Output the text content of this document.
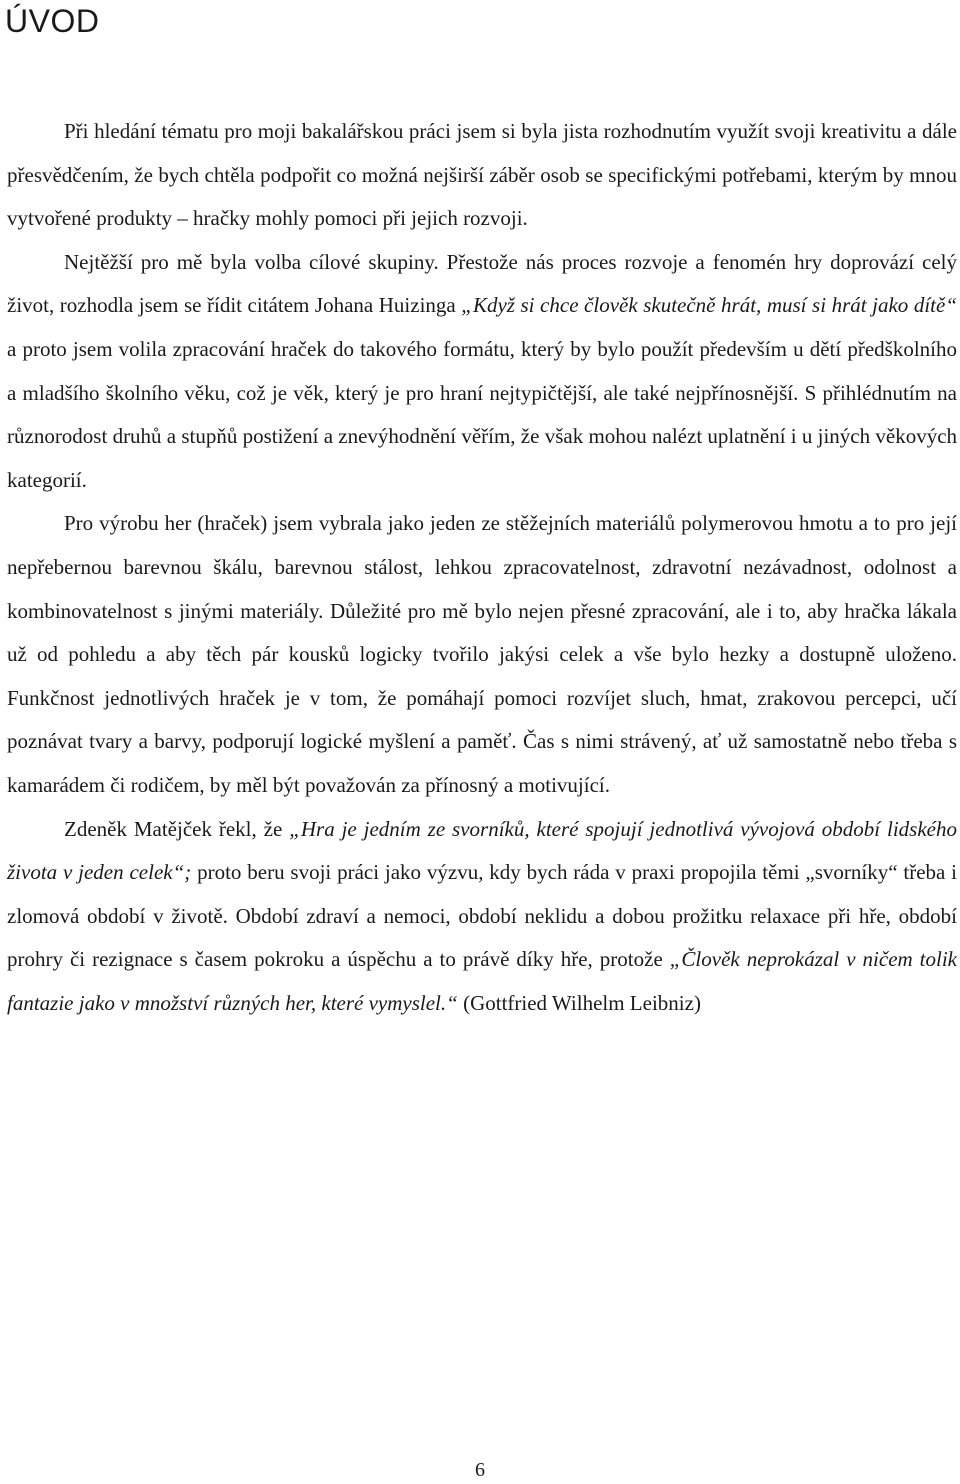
ÚVOD

Při hledání tématu pro moji bakalářskou práci jsem si byla jista rozhodnutím využít svoji kreativitu a dále přesvědčením, že bych chtěla podpořit co možná nejširší záběr osob se specifickými potřebami, kterým by mnou vytvořené produkty – hračky mohly pomoci při jejich rozvoji.

Nejtěžší pro mě byla volba cílové skupiny. Přestože nás proces rozvoje a fenomén hry doprovází celý život, rozhodla jsem se řídit citátem Johana Huizinga „Když si chce člověk skutečně hrát, musí si hrát jako dítě“ a proto jsem volila zpracování hraček do takového formátu, který by bylo použít především u dětí předškolního a mladšího školního věku, což je věk, který je pro hraní nejtypičtější, ale také nejpřínosnější. S přihlédnutím na různorodost druhů a stupňů postižení a znevýhodnění věřím, že však mohou nalézt uplatnění i u jiných věkových kategorií.

Pro výrobu her (hraček) jsem vybrala jako jeden ze stěžejních materiálů polymerovou hmotu a to pro její nepřebernou barevnou škálu, barevnou stálost, lehkou zpracovatelnost, zdravotní nezávadnost, odolnost a kombinovatelnost s jinými materiály. Důležité pro mě bylo nejen přesné zpracování, ale i to, aby hračka lákala už od pohledu a aby těch pár kousků logicky tvořilo jakýsi celek a vše bylo hezky a dostupně uloženo. Funkčnost jednotlivých hraček je v tom, že pomáhají pomoci rozvíjet sluch, hmat, zrakovou percepci, učí poznávat tvary a barvy, podporují logické myšlení a paměť. Čas s nimi strávený, ať už samostatně nebo třeba s kamarádem či rodičem, by měl být považován za přínosný a motivující.

Zdeněk Matějček řekl, že „Hra je jedním ze svorníků, které spojují jednotlivá vývojová období lidského života v jeden celek“; proto beru svoji práci jako výzvu, kdy bych ráda v praxi propojila těmi „svorníky“ třeba i zlomová období v životě. Období zdraví a nemoci, období neklidu a dobou prožitku relaxace při hře, období prohry či rezignace s časem pokroku a úspěchu a to právě díky hře, protože „Člověk neprokázal v ničem tolik fantazie jako v množství různých her, které vymyslel.“ (Gottfried Wilhelm Leibniz)

6
